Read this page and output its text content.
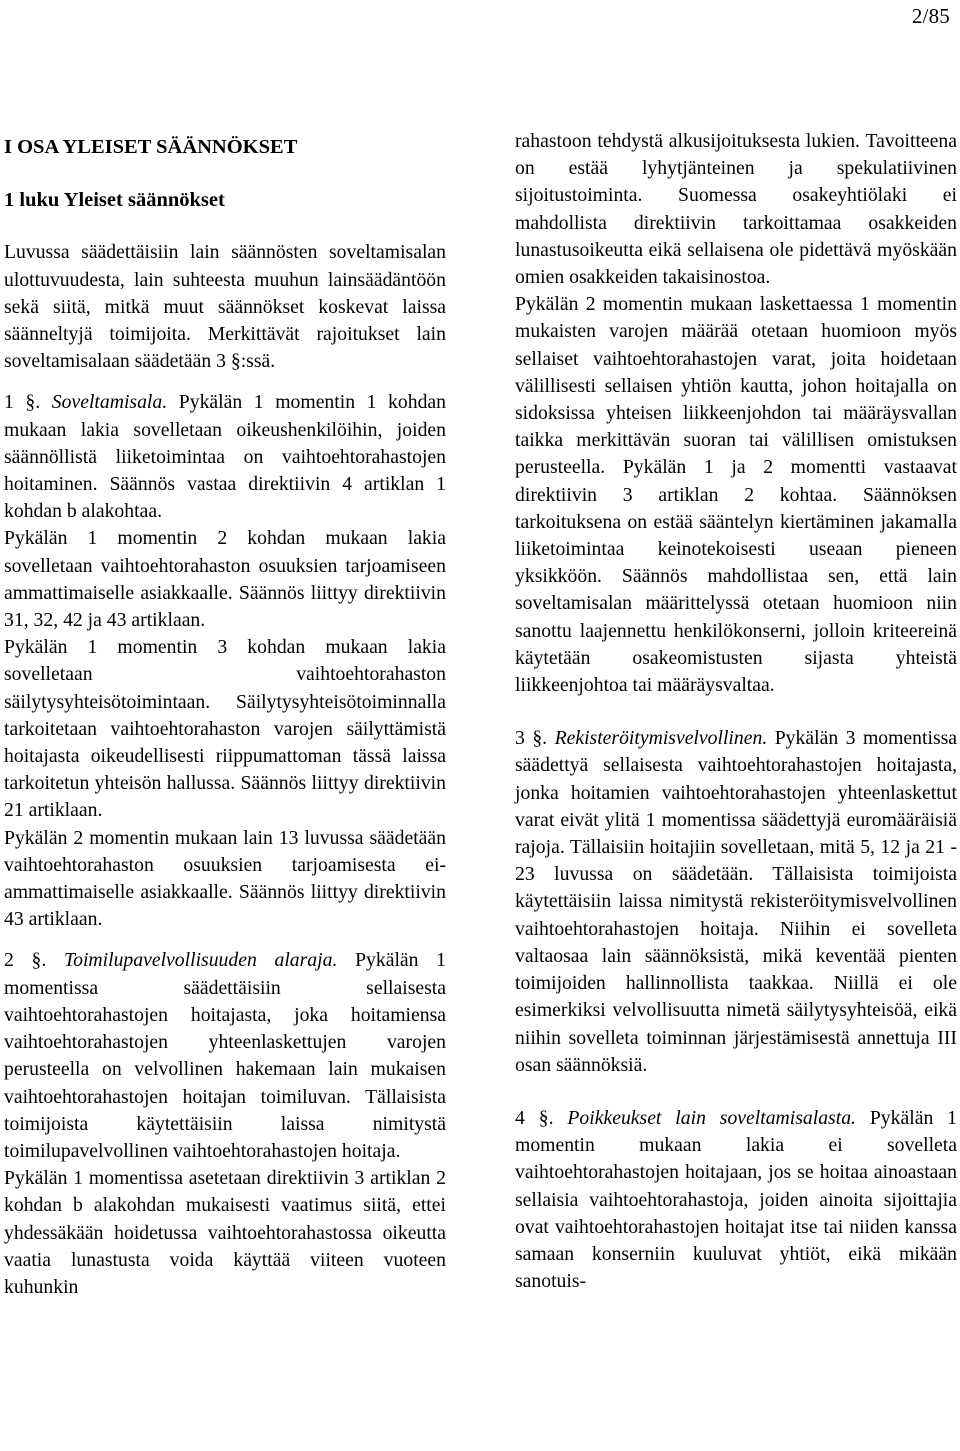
2/85
I OSA YLEISET SÄÄNNÖKSET
1 luku Yleiset säännökset

Luvussa säädettäisiin lain säännösten soveltamisalan ulottuvuudesta, lain suhteesta muuhun lainsäädäntöön sekä siitä, mitkä muut säännökset koskevat laissa säänneltyjä toimijoita. Merkittävät rajoitukset lain soveltamisalaan säädetään 3 §:ssä.

1 §. Soveltamisala. Pykälän 1 momentin 1 kohdan mukaan lakia sovelletaan oikeushenkilöihin, joiden säännöllistä liiketoimintaa on vaihtoehtorahastojen hoitaminen. Säännös vastaa direktiivin 4 artiklan 1 kohdan b alakohtaa.

Pykälän 1 momentin 2 kohdan mukaan lakia sovelletaan vaihtoehtorahaston osuuksien tarjoamiseen ammattimaiselle asiakkaalle. Säännös liittyy direktiivin 31, 32, 42 ja 43 artiklaan.

Pykälän 1 momentin 3 kohdan mukaan lakia sovelletaan vaihtoehtorahaston säilytysyhteisötoimintaan. Säilytysyhteisötoiminnalla tarkoitetaan vaihtoehtorahaston varojen säilyttämistä hoitajasta oikeudellisesti riippumattoman tässä laissa tarkoitetun yhteisön hallussa. Säännös liittyy direktiivin 21 artiklaan.

Pykälän 2 momentin mukaan lain 13 luvussa säädetään vaihtoehtorahaston osuuksien tarjoamisesta ei-ammattimaiselle asiakkaalle. Säännös liittyy direktiivin 43 artiklaan.

2 §. Toimilupavelvollisuuden alaraja. Pykälän 1 momentissa säädettäisiin sellaisesta vaihtoehtorahastojen hoitajasta, joka hoitamiensa vaihtoehtorahastojen yhteenlaskettujen varojen perusteella on velvollinen hakemaan lain mukaisen vaihtoehtorahastojen hoitajan toimiluvan. Tällaisista toimijoista käytettäisiin laissa nimitystä toimilupavelvollinen vaihtoehtorahastojen hoitaja.

Pykälän 1 momentissa asetetaan direktiivin 3 artiklan 2 kohdan b alakohdan mukaisesti vaatimus siitä, ettei yhdessäkään hoidetussa vaihtoehtorahastossa oikeutta vaatia lunastusta voida käyttää viiteen vuoteen kuhunkin

rahastoon tehdystä alkusijoituksesta lukien. Tavoitteena on estää lyhytjänteinen ja spekulatiivinen sijoitustoiminta. Suomessa osakeyhtiölaki ei mahdollista direktiivin tarkoittamaa osakkeiden lunastusoikeutta eikä sellaisena ole pidettävä myöskään omien osakkeiden takaisinostoa.

Pykälän 2 momentin mukaan laskettaessa 1 momentin mukaisten varojen määrää otetaan huomioon myös sellaiset vaihtoehtorahastojen varat, joita hoidetaan välillisesti sellaisen yhtiön kautta, johon hoitajalla on sidoksissa yhteisen liikkeenjohdon tai määräysvallan taikka merkittävän suoran tai välillisen omistuksen perusteella. Pykälän 1 ja 2 momentti vastaavat direktiivin 3 artiklan 2 kohtaa. Säännöksen tarkoituksena on estää sääntelyn kiertäminen jakamalla liiketoimintaa keinotekoisesti useaan pieneen yksikköön. Säännös mahdollistaa sen, että lain soveltamisalan määrittelyssä otetaan huomioon niin sanottu laajennettu henkilökonserni, jolloin kriteereinä käytetään osakeomistusten sijasta yhteistä liikkeenjohtoa tai määräysvaltaa.

3 §. Rekisteröitymisvelvollinen. Pykälän 3 momentissa säädettyä sellaisesta vaihtoehtorahastojen hoitajasta, jonka hoitamien vaihtoehtorahastojen yhteenlaskettut varat eivät ylitä 1 momentissa säädettyjä euromääräisiä rajoja. Tällaisiin hoitajiin sovelletaan, mitä 5, 12 ja 21 - 23 luvussa on säädetään. Tällaisista toimijoista käytettäisiin laissa nimitystä rekisteröitymisvelvollinen vaihtoehtorahastojen hoitaja. Niihin ei sovelleta valtaosaa lain säännöksistä, mikä keventää pienten toimijoiden hallinnollista taakkaa. Niillä ei ole esimerkiksi velvollisuutta nimetä säilytysyhteisöä, eikä niihin sovelleta toiminnan järjestämisestä annettuja III osan säännöksiä.

4 §. Poikkeukset lain soveltamisalasta. Pykälän 1 momentin mukaan lakia ei sovelleta vaihtoehtorahastojen hoitajaan, jos se hoitaa ainoastaan sellaisia vaihtoehtorahastoja, joiden ainoita sijoittajia ovat vaihtoehtorahastojen hoitajat itse tai niiden kanssa samaan konserniin kuuluvat yhtiöt, eikä mikään sanotuis-
